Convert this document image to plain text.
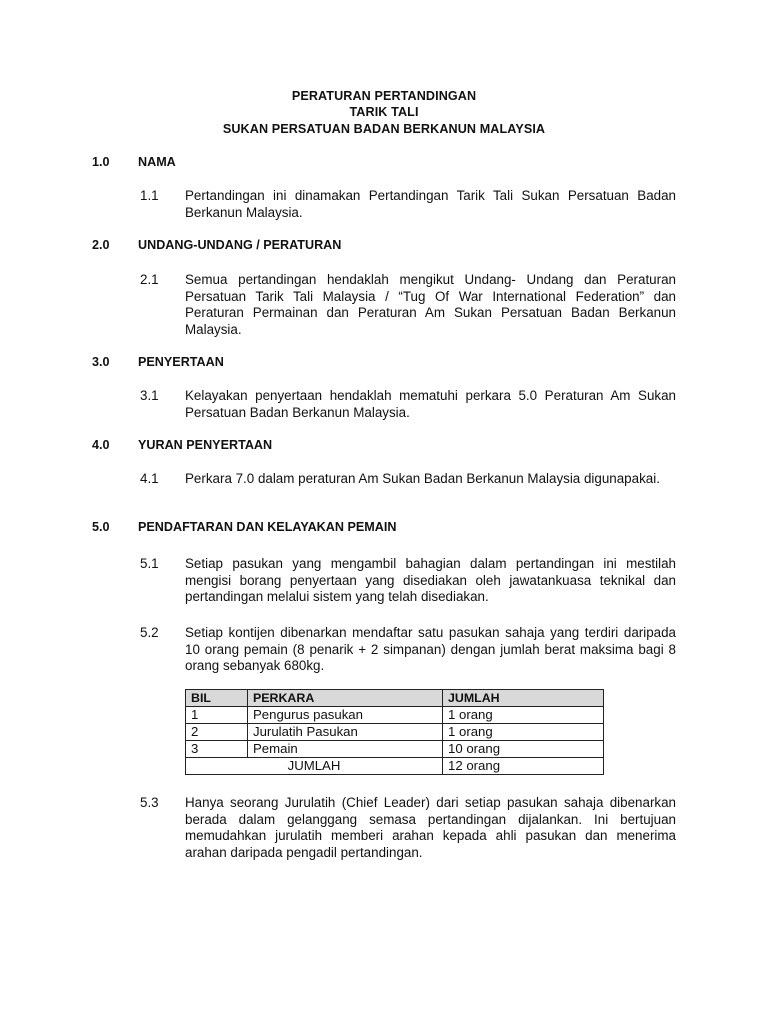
PERATURAN PERTANDINGAN
TARIK TALI
SUKAN PERSATUAN BADAN BERKANUN MALAYSIA
1.0 NAMA
1.1 Pertandingan ini dinamakan Pertandingan Tarik Tali Sukan Persatuan Badan Berkanun Malaysia.
2.0 UNDANG-UNDANG / PERATURAN
2.1 Semua pertandingan hendaklah mengikut Undang- Undang dan Peraturan Persatuan Tarik Tali Malaysia / “Tug Of War International Federation” dan Peraturan Permainan dan Peraturan Am Sukan Persatuan Badan Berkanun Malaysia.
3.0 PENYERTAAN
3.1 Kelayakan penyertaan hendaklah mematuhi perkara 5.0 Peraturan Am Sukan Persatuan Badan Berkanun Malaysia.
4.0 YURAN PENYERTAAN
4.1 Perkara 7.0 dalam peraturan Am Sukan Badan Berkanun Malaysia digunapakai.
5.0 PENDAFTARAN DAN KELAYAKAN PEMAIN
5.1 Setiap pasukan yang mengambil bahagian dalam pertandingan ini mestilah mengisi borang penyertaan yang disediakan oleh jawatankuasa teknikal dan pertandingan melalui sistem yang telah disediakan.
5.2 Setiap kontijen dibenarkan mendaftar satu pasukan sahaja yang terdiri daripada 10 orang pemain (8 penarik + 2 simpanan) dengan jumlah berat maksima bagi 8 orang sebanyak 680kg.
BIL	PERKARA	JUMLAH
1	Pengurus pasukan	1 orang
2	Jurulatih Pasukan	1 orang
3	Pemain	10 orang
JUMLAH		12 orang
5.3 Hanya seorang Jurulatih (Chief Leader) dari setiap pasukan sahaja dibenarkan berada dalam gelanggang semasa pertandingan dijalankan. Ini bertujuan memudahkan jurulatih memberi arahan kepada ahli pasukan dan menerima arahan daripada pengadil pertandingan.
